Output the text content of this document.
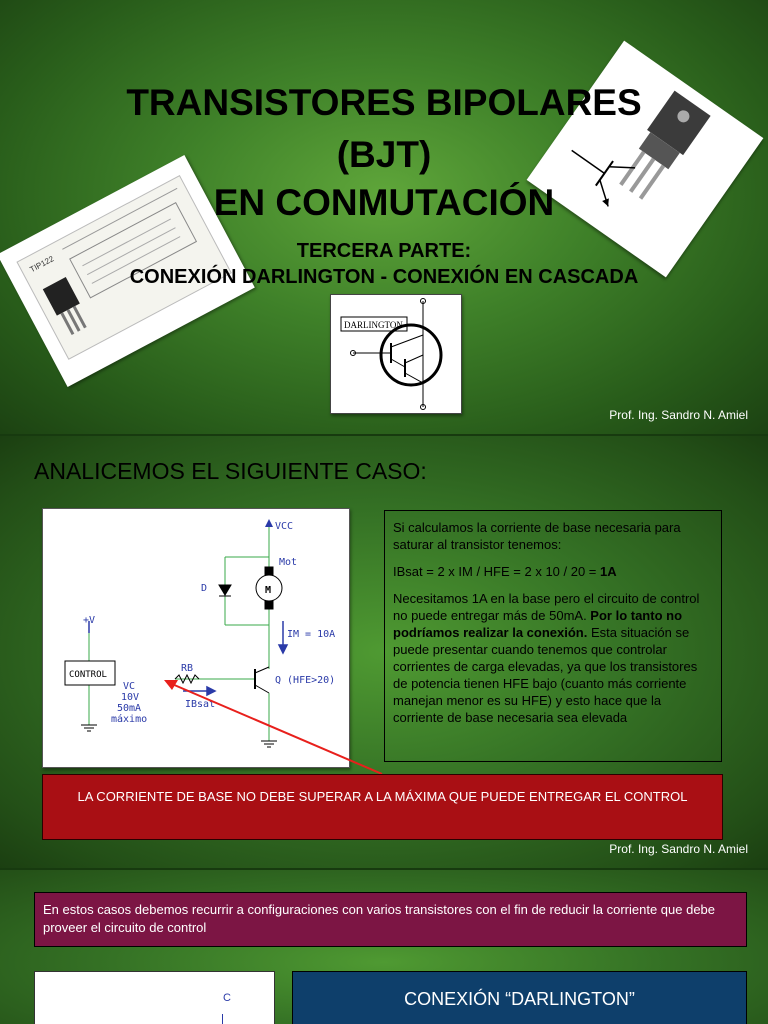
TIP122
TRANSISTORES BIPOLARES
(BJT)
EN CONMUTACIÓN
TERCERA PARTE:
CONEXIÓN DARLINGTON - CONEXIÓN EN CASCADA
DARLINGTON
Prof. Ing. Sandro N. Amiel
ANALICEMOS EL SIGUIENTE CASO:
VCC
Mot
D	M
+V
IM = 10A
CONTROL
RB
Q (HFE>20)
VC
10V
50mA
máximo
IBsat

Si calculamos la corriente de base necesaria para saturar al transistor tenemos:

IBsat = 2 x IM / HFE = 2 x 10 / 20 = 1A

Necesitamos 1A en la base pero el circuito de control no puede entregar más de 50mA. Por lo tanto no podríamos realizar la conexión. Esta situación se puede presentar cuando tenemos que controlar corrientes de carga elevadas, ya que los transistores de potencia tienen HFE bajo (cuanto más corriente manejan menor es su HFE) y esto hace que la corriente de base necesaria sea elevada

LA CORRIENTE DE BASE NO DEBE SUPERAR A LA MÁXIMA QUE PUEDE ENTREGAR EL CONTROL
Prof. Ing. Sandro N. Amiel
En estos casos debemos recurrir a configuraciones con varios transistores con el fin de reducir la corriente que debe proveer el circuito de control
C	CONEXIÓN “DARLINGTON”
